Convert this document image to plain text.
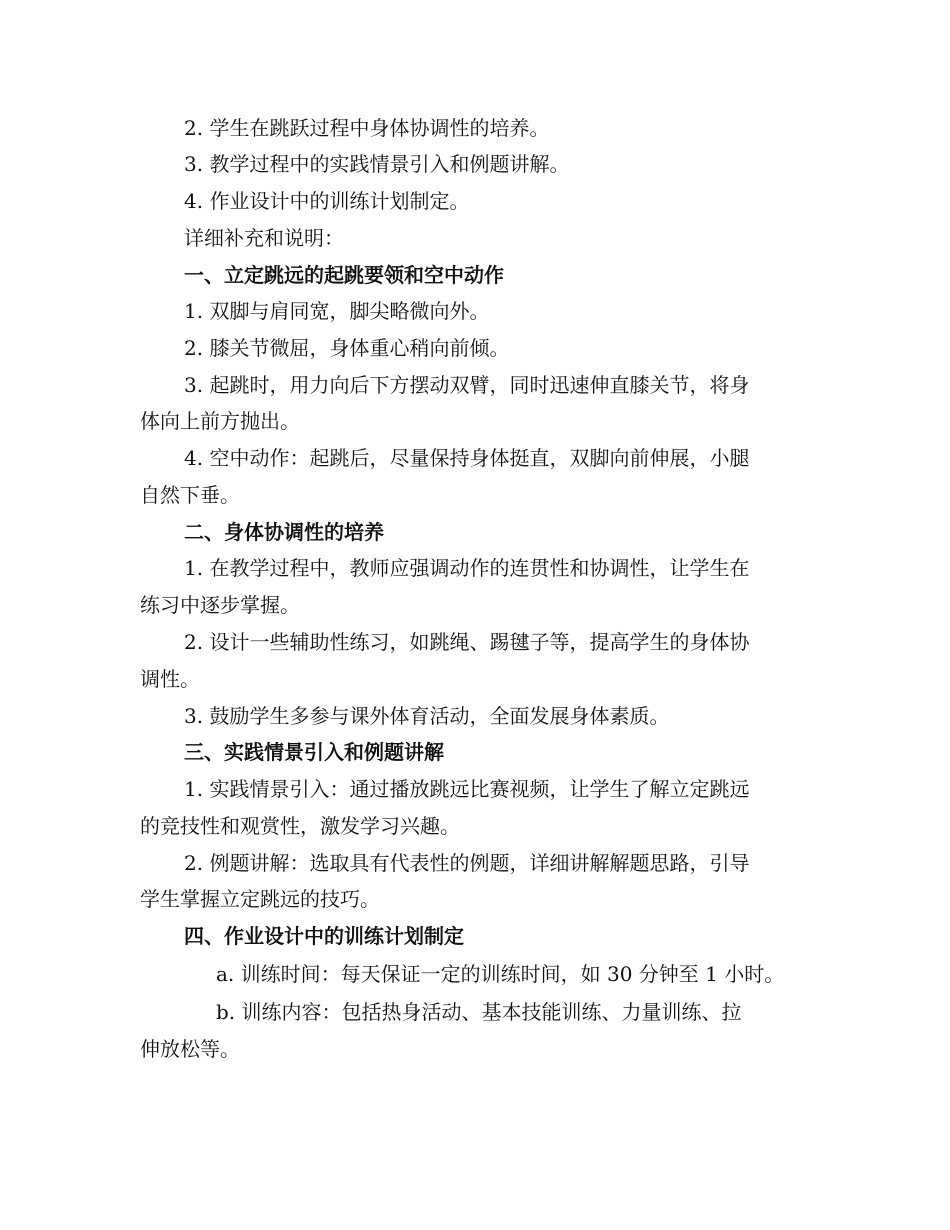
2. 学生在跳跃过程中身体协调性的培养。
3. 教学过程中的实践情景引入和例题讲解。
4. 作业设计中的训练计划制定。
详细补充和说明：
一、立定跳远的起跳要领和空中动作
1. 双脚与肩同宽，脚尖略微向外。
2. 膝关节微屈，身体重心稍向前倾。
3. 起跳时，用力向后下方摆动双臂，同时迅速伸直膝关节，将身
体向上前方抛出。
4. 空中动作：起跳后，尽量保持身体挺直，双脚向前伸展，小腿
自然下垂。
二、身体协调性的培养
1. 在教学过程中，教师应强调动作的连贯性和协调性，让学生在
练习中逐步掌握。
2. 设计一些辅助性练习，如跳绳、踢毽子等，提高学生的身体协
调性。
3. 鼓励学生多参与课外体育活动，全面发展身体素质。
三、实践情景引入和例题讲解
1. 实践情景引入：通过播放跳远比赛视频，让学生了解立定跳远
的竞技性和观赏性，激发学习兴趣。
2. 例题讲解：选取具有代表性的例题，详细讲解解题思路，引导
学生掌握立定跳远的技巧。
四、作业设计中的训练计划制定
a. 训练时间：每天保证一定的训练时间，如 30 分钟至 1 小时。
b. 训练内容：包括热身活动、基本技能训练、力量训练、拉
伸放松等。
